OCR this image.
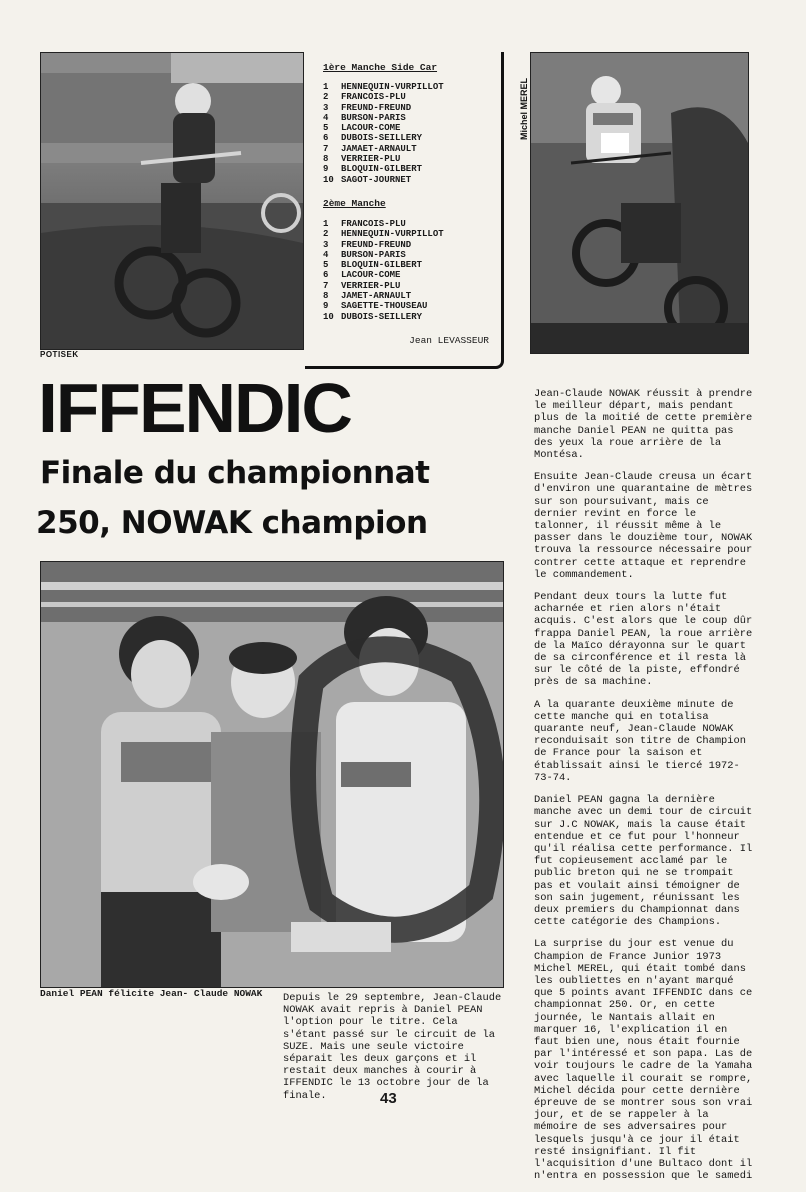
POTISEK
1ère Manche Side Car
1 HENNEQUIN-VURPILLOT
2 FRANCOIS-PLU
3 FREUND-FREUND
4 BURSON-PARIS
5 LACOUR-COME
6 DUBOIS-SEILLERY
7 JAMAET-ARNAULT
8 VERRIER-PLU
9 BLOQUIN-GILBERT
10 SAGOT-JOURNET
2ème Manche
1 FRANCOIS-PLU
2 HENNEQUIN-VURPILLOT
3 FREUND-FREUND
4 BURSON-PARIS
5 BLOQUIN-GILBERT
6 LACOUR-COME
7 VERRIER-PLU
8 JAMET-ARNAULT
9 SAGETTE-THOUSEAU
10 DUBOIS-SEILLERY
Jean LEVASSEUR
Michel MEREL
IFFENDIC
Finale du championnat
250, NOWAK champion
Daniel PEAN félicite Jean- Claude NOWAK	Depuis le 29 septembre, Jean-Claude NOWAK avait repris à Daniel PEAN l'option pour le titre. Cela s'étant passé sur le circuit de la SUZE. Mais une seule victoire séparait les deux garçons et il restait deux manches à courir à IFFENDIC le 13 octobre jour de la finale.

Jean-Claude NOWAK réussit à prendre le meilleur départ, mais pendant plus de la moitié de cette première manche Daniel PEAN ne quitta pas des yeux la roue arrière de la Montésa.

Ensuite Jean-Claude creusa un écart d'environ une quarantaine de mètres sur son poursuivant, mais ce dernier revint en force le talonner, il réussit même à le passer dans le douzième tour, NOWAK trouva la ressource nécessaire pour contrer cette attaque et reprendre le commandement.

Pendant deux tours la lutte fut acharnée et rien alors n'était acquis. C'est alors que le coup dûr frappa Daniel PEAN, la roue arrière de la Maïco dérayonna sur le quart de sa circonférence et il resta là sur le côté de la piste, effondré près de sa machine.

A la quarante deuxième minute de cette manche qui en totalisa quarante neuf, Jean-Claude NOWAK reconduisait son titre de Champion de France pour la saison et établissait ainsi le tiercé 1972-73-74.

Daniel PEAN gagna la dernière manche avec un demi tour de circuit sur J.C NOWAK, mais la cause était entendue et ce fut pour l'honneur qu'il réalisa cette performance. Il fut copieusement acclamé par le public breton qui ne se trompait pas et voulait ainsi témoigner de son sain jugement, réunissant les deux premiers du Championnat dans cette catégorie des Champions.

La surprise du jour est venue du Champion de France Junior 1973 Michel MEREL, qui était tombé dans les oubliettes en n'ayant marqué que 5 points avant IFFENDIC dans ce championnat 250. Or, en cette journée, le Nantais allait en marquer 16, l'explication il en faut bien une, nous était fournie par l'intéressé et son papa. Las de voir toujours le cadre de la Yamaha avec laquelle il courait se rompre, Michel décida pour cette dernière épreuve de se montrer sous son vrai jour, et de se rappeler à la mémoire de ses adversaires pour lesquels jusqu'à ce jour il était resté insignifiant. Il fit l'acquisition d'une Bultaco dont il n'entra en possession que le samedi

43
